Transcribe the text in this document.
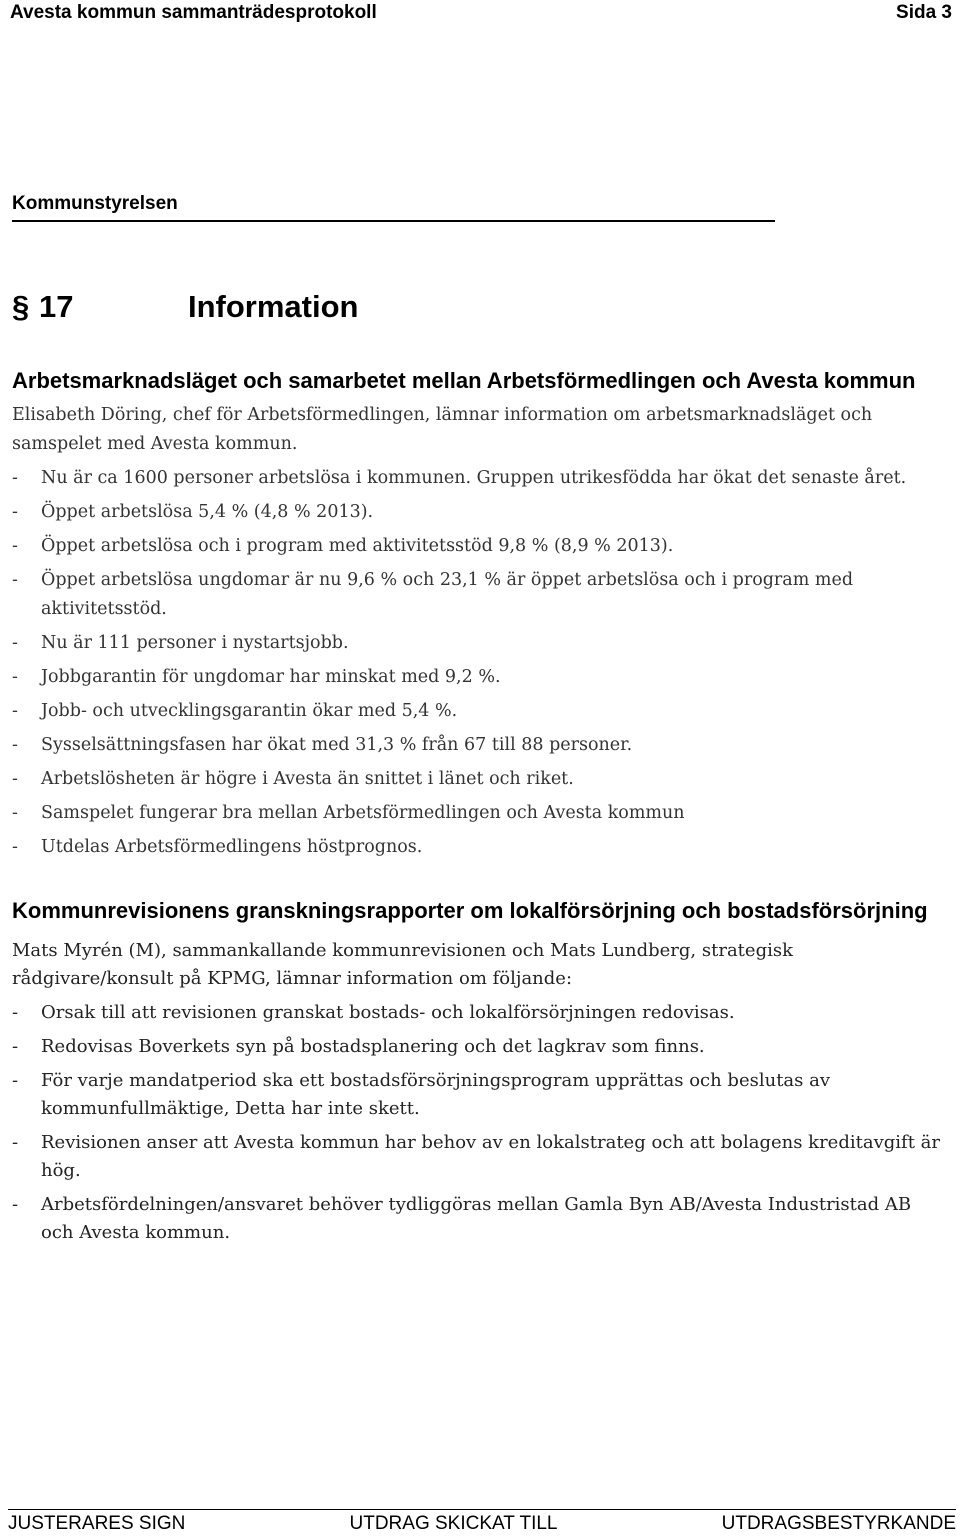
Avesta kommun sammanträdesprotokoll	Sida 3
Kommunstyrelsen
§ 17	Information
Arbetsmarknadsläget och samarbetet mellan Arbetsförmedlingen och Avesta kommun
Elisabeth Döring, chef för Arbetsförmedlingen, lämnar information om arbetsmarknadsläget och samspelet med Avesta kommun.
-	Nu är ca 1600 personer arbetslösa i kommunen. Gruppen utrikesfödda har ökat det senaste året.
-	Öppet arbetslösa 5,4 % (4,8 % 2013).
-	Öppet arbetslösa och i program med aktivitetsstöd 9,8 % (8,9 % 2013).
-	Öppet arbetslösa ungdomar är nu 9,6 % och 23,1 % är öppet arbetslösa och i program med aktivitetsstöd.
-	Nu är 111 personer i nystartsjobb.
-	Jobbgarantin för ungdomar har minskat med 9,2 %.
-	Jobb- och utvecklingsgarantin ökar med 5,4 %.
-	Sysselsättningsfasen har ökat med 31,3 % från 67 till 88 personer.
-	Arbetslösheten är högre i Avesta än snittet i länet och riket.
-	Samspelet fungerar bra mellan Arbetsförmedlingen och Avesta kommun
-	Utdelas Arbetsförmedlingens höstprognos.
Kommunrevisionens granskningsrapporter om lokalförsörjning och bostadsförsörjning
Mats Myrén (M), sammankallande kommunrevisionen och Mats Lundberg, strategisk rådgivare/konsult på KPMG, lämnar information om följande:
-	Orsak till att revisionen granskat bostads- och lokalförsörjningen redovisas.
-	Redovisas Boverkets syn på bostadsplanering och det lagkrav som finns.
-	För varje mandatperiod ska ett bostadsförsörjningsprogram upprättas och beslutas av kommunfullmäktige, Detta har inte skett.
-	Revisionen anser att Avesta kommun har behov av en lokalstrateg och att bolagens kreditavgift är hög.
-	Arbetsfördelningen/ansvaret behöver tydliggöras mellan Gamla Byn AB/Avesta Industristad AB och Avesta kommun.
JUSTERARES SIGN	UTDRAG SKICKAT TILL	UTDRAGSBESTYRKANDE
